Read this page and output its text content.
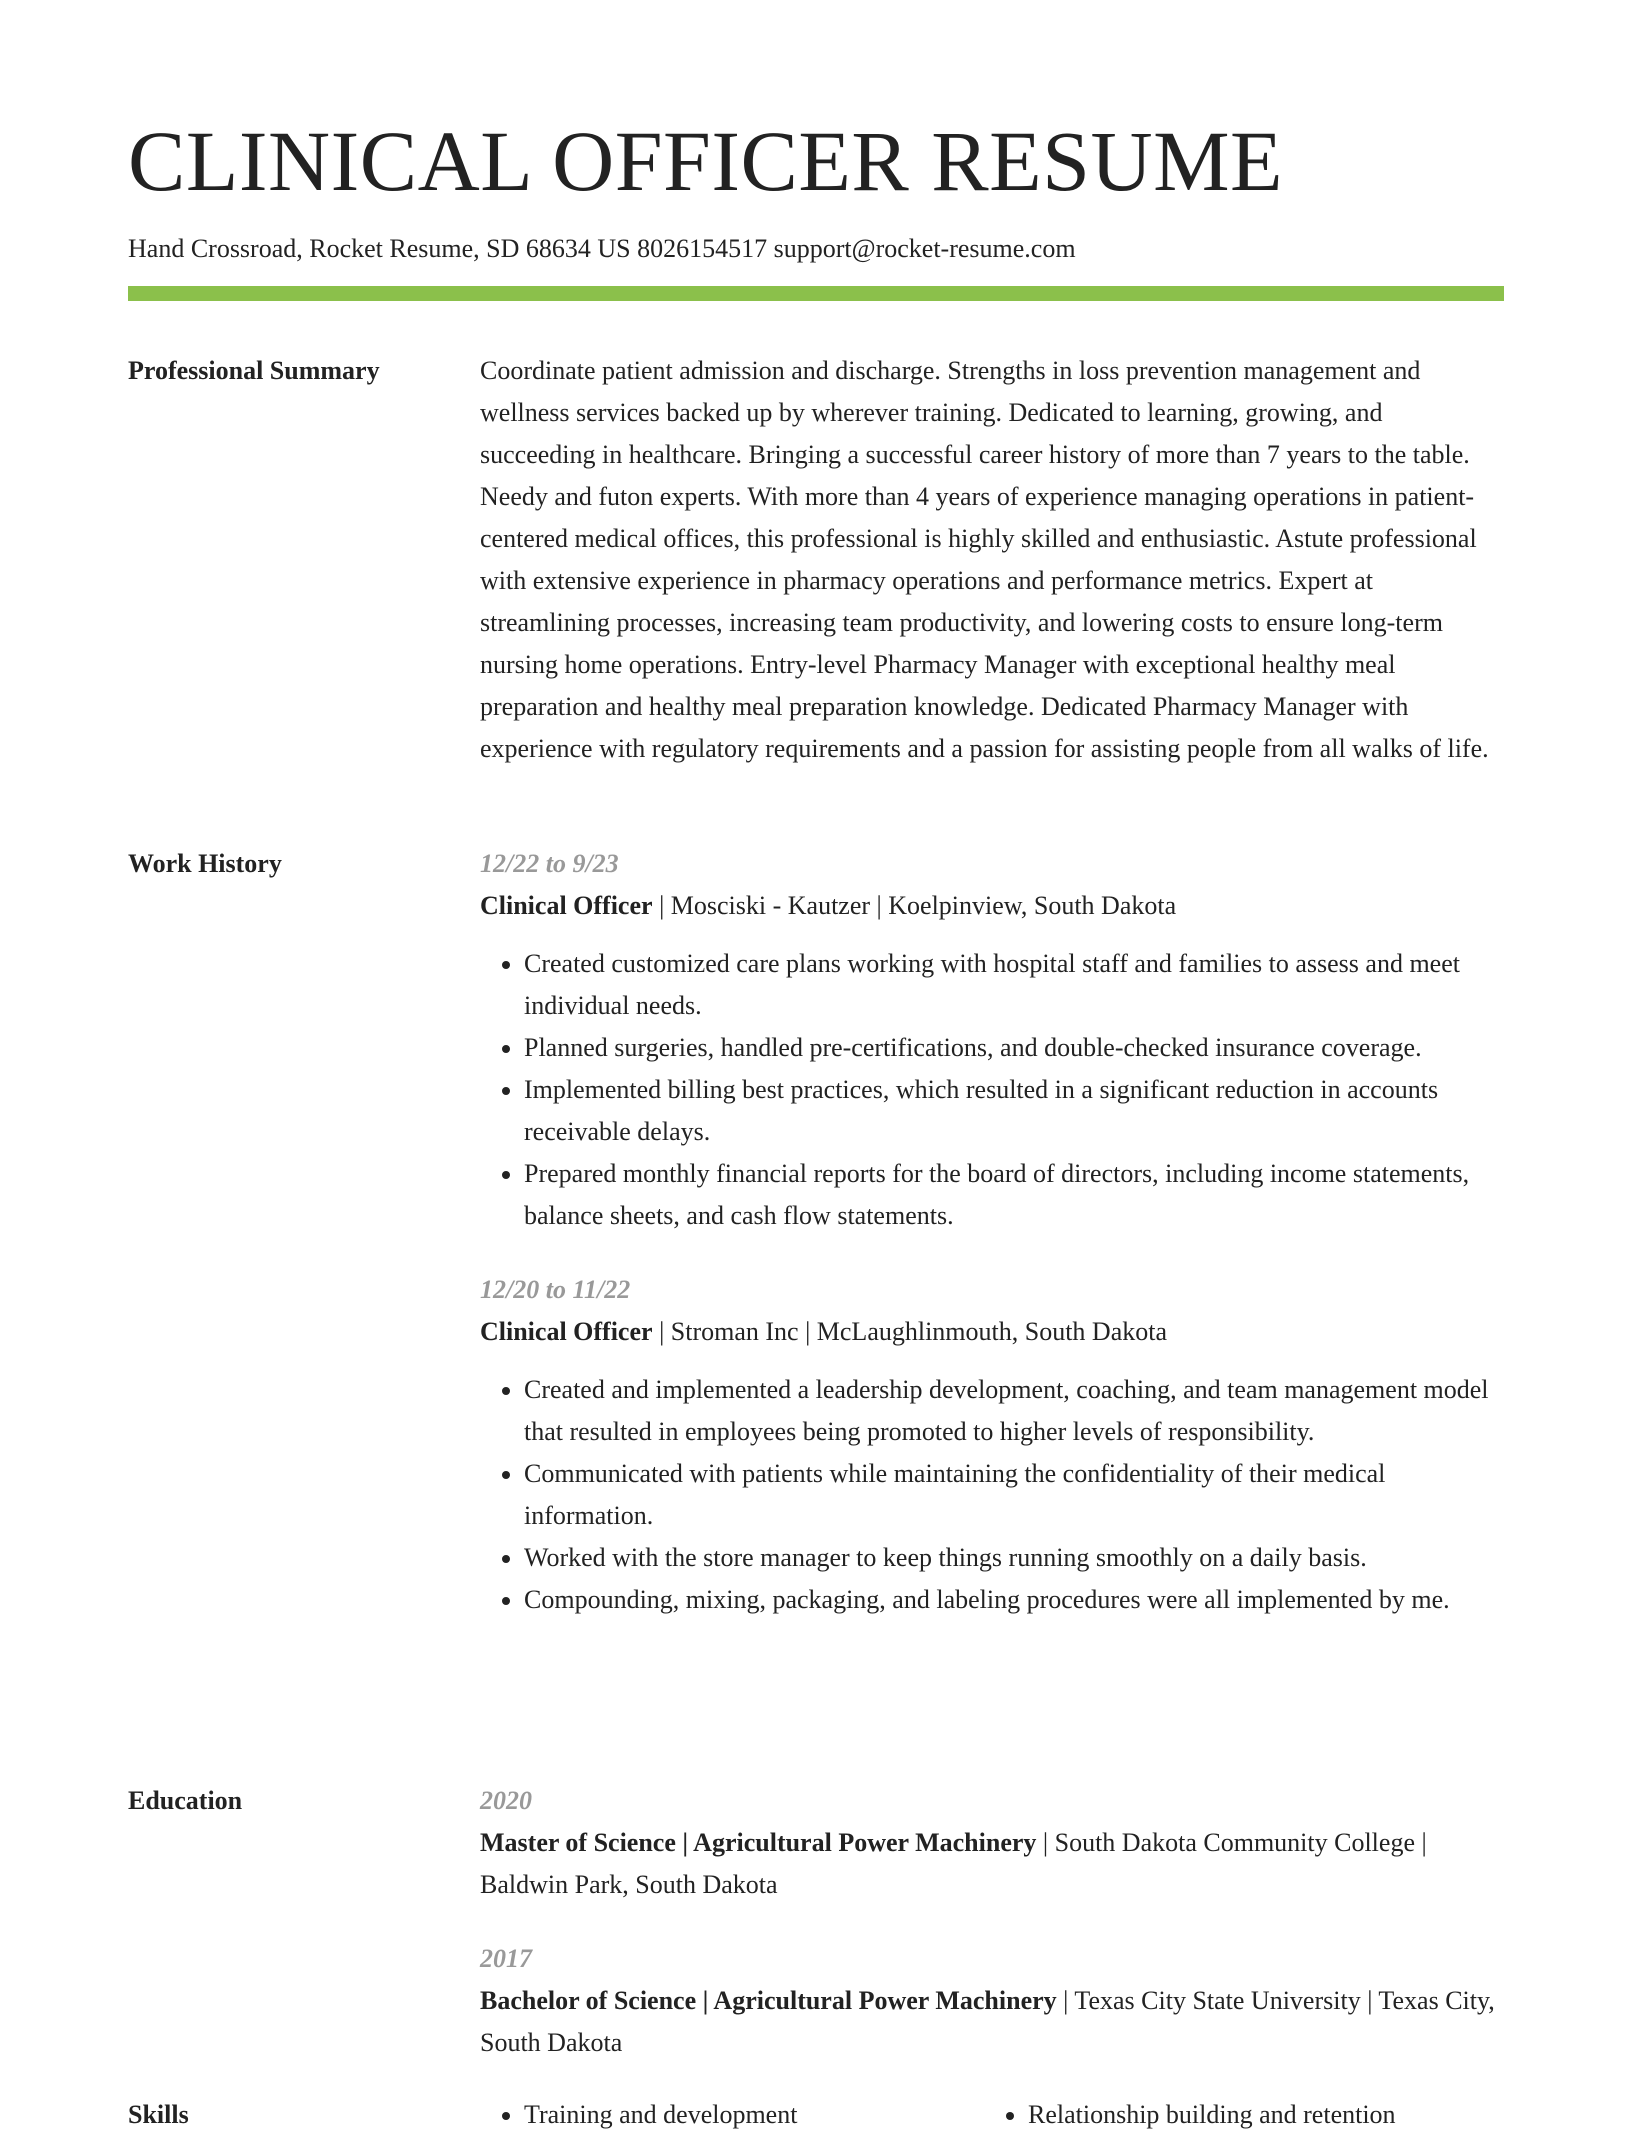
CLINICAL OFFICER RESUME
Hand Crossroad, Rocket Resume, SD 68634 US 8026154517 support@rocket-resume.com
Professional Summary	Coordinate patient admission and discharge. Strengths in loss prevention management and wellness services backed up by wherever training. Dedicated to learning, growing, and succeeding in healthcare. Bringing a successful career history of more than 7 years to the table. Needy and futon experts. With more than 4 years of experience managing operations in patient-centered medical offices, this professional is highly skilled and enthusiastic. Astute professional with extensive experience in pharmacy operations and performance metrics. Expert at streamlining processes, increasing team productivity, and lowering costs to ensure long-term nursing home operations. Entry-level Pharmacy Manager with exceptional healthy meal preparation and healthy meal preparation knowledge. Dedicated Pharmacy Manager with experience with regulatory requirements and a passion for assisting people from all walks of life.

Work History	12/22 to 9/23
Clinical Officer | Mosciski - Kautzer | Koelpinview, South Dakota
• Created customized care plans working with hospital staff and families to assess and meet individual needs.
• Planned surgeries, handled pre-certifications, and double-checked insurance coverage.
• Implemented billing best practices, which resulted in a significant reduction in accounts receivable delays.
• Prepared monthly financial reports for the board of directors, including income statements, balance sheets, and cash flow statements.
12/20 to 11/22
Clinical Officer | Stroman Inc | McLaughlinmouth, South Dakota
• Created and implemented a leadership development, coaching, and team management model that resulted in employees being promoted to higher levels of responsibility.
• Communicated with patients while maintaining the confidentiality of their medical information.
• Worked with the store manager to keep things running smoothly on a daily basis.
• Compounding, mixing, packaging, and labeling procedures were all implemented by me.
Education	2020
Master of Science | Agricultural Power Machinery | South Dakota Community College | Baldwin Park, South Dakota
2017
Bachelor of Science | Agricultural Power Machinery | Texas City State University | Texas City, South Dakota
Skills	• Training and development	• Relationship building and retention
